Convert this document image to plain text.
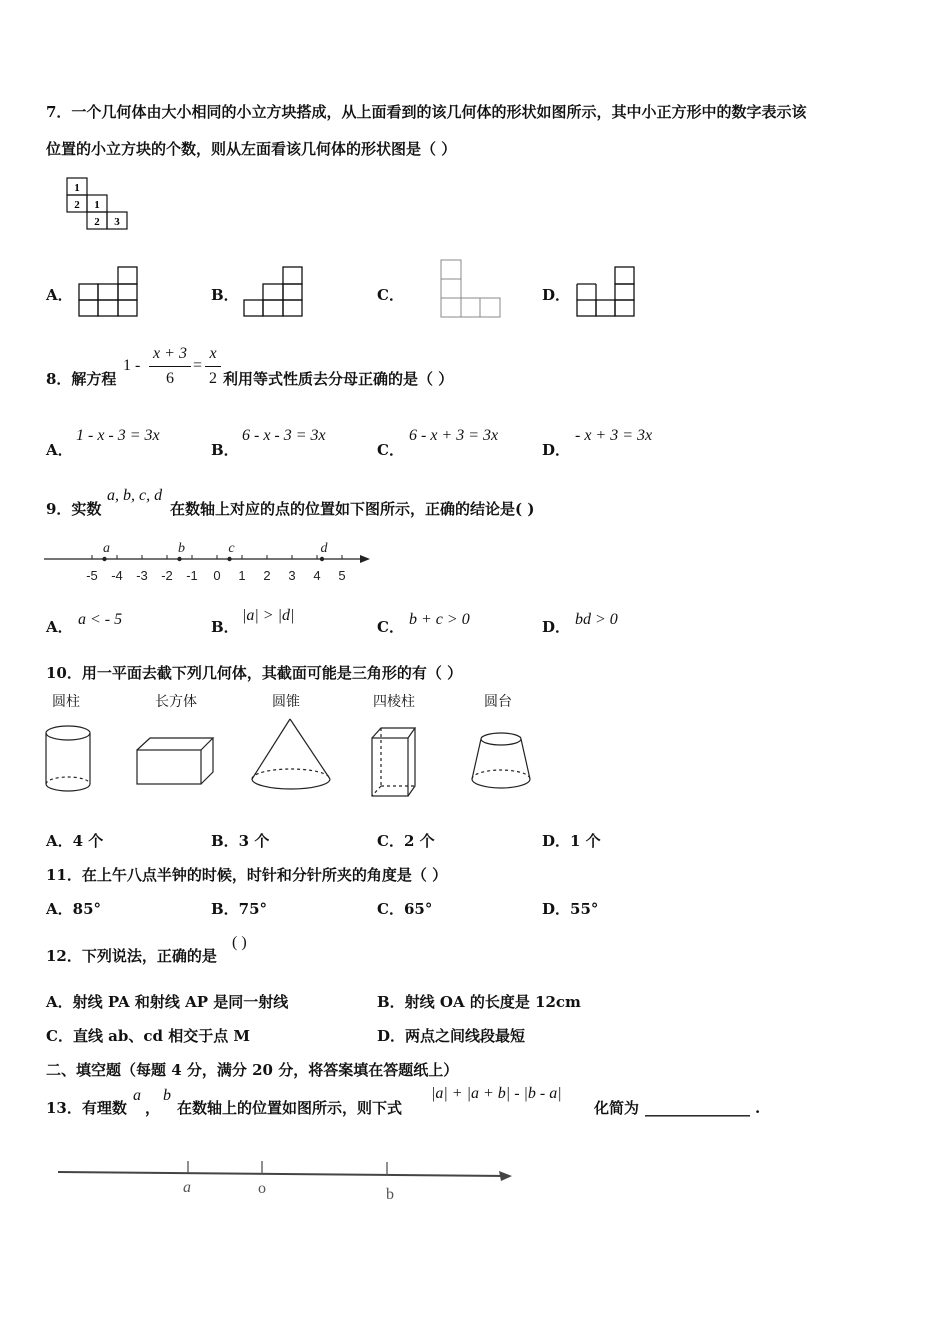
7．一个几何体由大小相同的小立方块搭成，从上面看到的该几何体的形状如图所示，其中小正方形中的数字表示该
位置的小立方块的个数，则从左面看该几何体的形状图是（ ）
1
2 1
2 3
A．	B．	C．	D．
8．解方程
1 -
x + 3
6
=
x
2 利用等式性质去分母正确的是（ ）
A．
1 - x - 3 = 3x
B．
6 - x - 3 = 3x
C．
6 - x + 3 = 3x
D．
- x + 3 = 3x
9．实数
a, b, c, d
在数轴上对应的点的位置如下图所示，正确的结论是( )
-5 -4 -3 -2 -1 0 1 2 3 4 5
a	b	c	d
A． a < - 5	B．
|a| > |d|
C． b + c > 0	D． bd > 0
10．用一平面去截下列几何体，其截面可能是三角形的有（ ）
圆柱	长方体	圆锥	四棱柱	圆台
A．4 个	B．3 个	C．2 个	D．1 个
11．在上午八点半钟的时候，时针和分针所夹的角度是（ ）
A．85°	B．75°	C．65°	D．55°
12．下列说法，正确的是
( )
A．射线 PA 和射线 AP 是同一射线	B．射线 OA 的长度是 12cm
C．直线 ab、cd 相交于点 M	D．两点之间线段最短
二、填空题（每题 4 分，满分 20 分，将答案填在答题纸上）
13．有理数
a
，
b
在数轴上的位置如图所示，则下式
|a| + |a + b| - |b - a|
化简为 ______________ .
a	o	b
